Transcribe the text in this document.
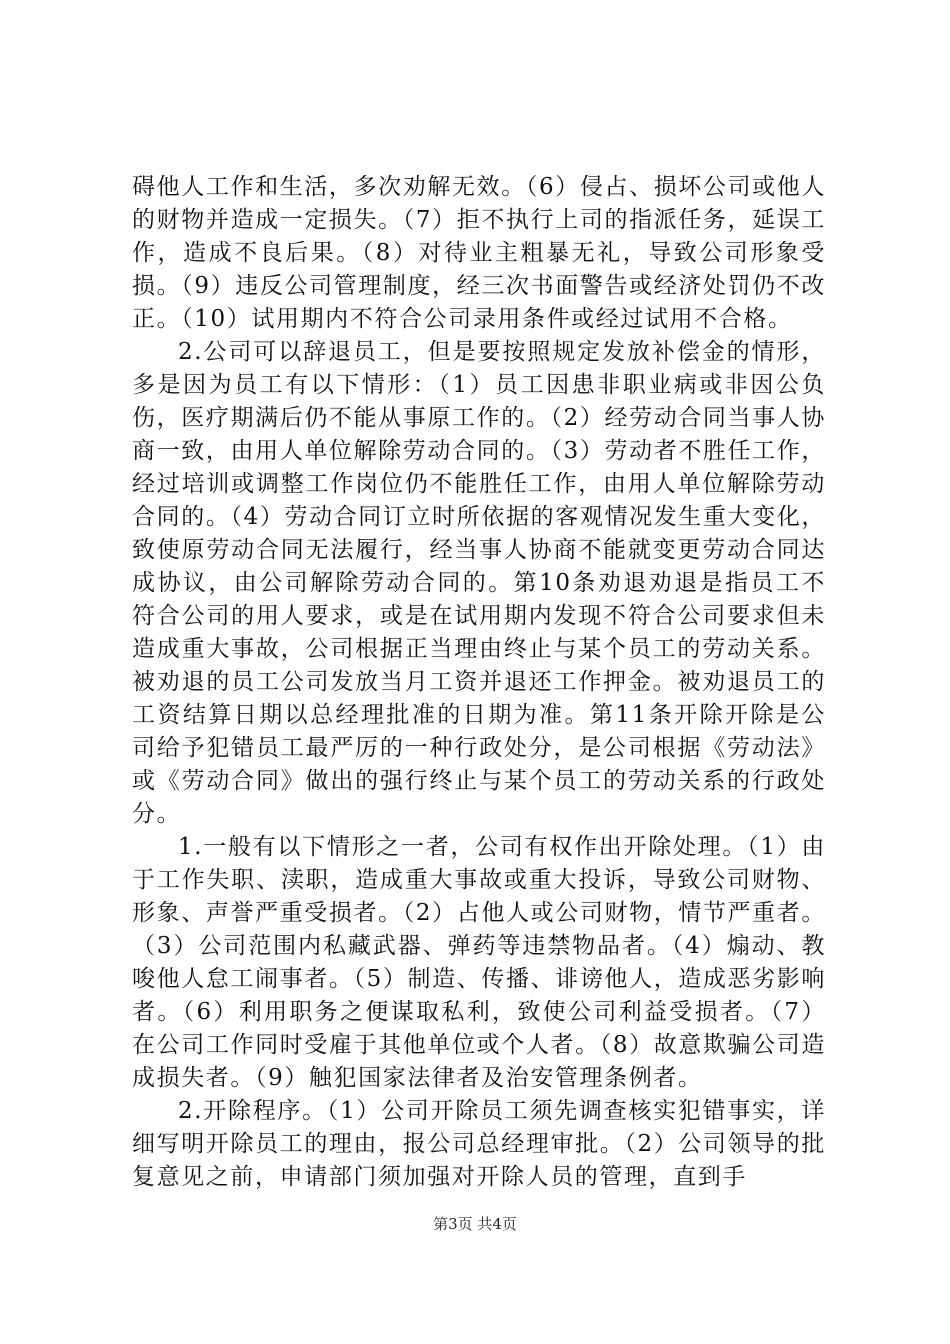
碍他人工作和生活，多次劝解无效。（6）侵占、损坏公司或他人的财物并造成一定损失。（7）拒不执行上司的指派任务，延误工作，造成不良后果。（8）对待业主粗暴无礼，导致公司形象受损。（9）违反公司管理制度，经三次书面警告或经济处罚仍不改正。（10）试用期内不符合公司录用条件或经过试用不合格。

2.公司可以辞退员工，但是要按照规定发放补偿金的情形，多是因为员工有以下情形：（1）员工因患非职业病或非因公负伤，医疗期满后仍不能从事原工作的。（2）经劳动合同当事人协商一致，由用人单位解除劳动合同的。（3）劳动者不胜任工作，经过培训或调整工作岗位仍不能胜任工作，由用人单位解除劳动合同的。（4）劳动合同订立时所依据的客观情况发生重大变化，致使原劳动合同无法履行，经当事人协商不能就变更劳动合同达成协议，由公司解除劳动合同的。第10条劝退劝退是指员工不符合公司的用人要求，或是在试用期内发现不符合公司要求但未造成重大事故，公司根据正当理由终止与某个员工的劳动关系。被劝退的员工公司发放当月工资并退还工作押金。被劝退员工的工资结算日期以总经理批准的日期为准。第11条开除开除是公司给予犯错员工最严厉的一种行政处分，是公司根据《劳动法》或《劳动合同》做出的强行终止与某个员工的劳动关系的行政处分。

1.一般有以下情形之一者，公司有权作出开除处理。（1）由于工作失职、渎职，造成重大事故或重大投诉，导致公司财物、形象、声誉严重受损者。（2）占他人或公司财物，情节严重者。（3）公司范围内私藏武器、弹药等违禁物品者。（4）煽动、教唆他人怠工闹事者。（5）制造、传播、诽谤他人，造成恶劣影响者。（6）利用职务之便谋取私利，致使公司利益受损者。（7）在公司工作同时受雇于其他单位或个人者。（8）故意欺骗公司造成损失者。（9）触犯国家法律者及治安管理条例者。

2.开除程序。（1）公司开除员工须先调查核实犯错事实，详细写明开除员工的理由，报公司总经理审批。（2）公司领导的批复意见之前，申请部门须加强对开除人员的管理，直到手

第3页 共4页
